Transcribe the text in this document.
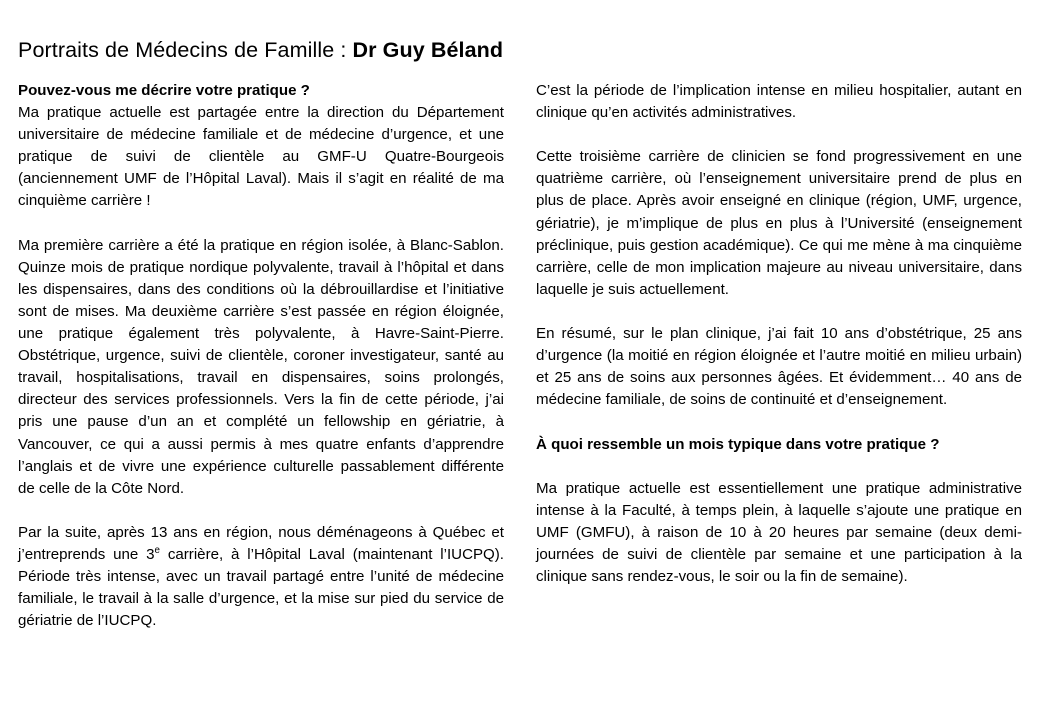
Portraits de Médecins de Famille : Dr Guy Béland

Pouvez-vous me décrire votre pratique ?

Ma pratique actuelle est partagée entre la direction du Département universitaire de médecine familiale et de médecine d’urgence, et une pratique de suivi de clientèle au GMF-U Quatre-Bourgeois (anciennement UMF de l’Hôpital Laval). Mais il s’agit en réalité de ma cinquième carrière !

Ma première carrière a été la pratique en région isolée, à Blanc-Sablon. Quinze mois de pratique nordique polyvalente, travail à l’hôpital et dans les dispensaires, dans des conditions où la débrouillardise et l’initiative sont de mises. Ma deuxième carrière s’est passée en région éloignée, une pratique également très polyvalente, à Havre-Saint-Pierre. Obstétrique, urgence, suivi de clientèle, coroner investigateur, santé au travail, hospitalisations, travail en dispensaires, soins prolongés, directeur des services professionnels. Vers la fin de cette période, j’ai pris une pause d’un an et complété un fellowship en gériatrie, à Vancouver, ce qui a aussi permis à mes quatre enfants d’apprendre l’anglais et de vivre une expérience culturelle passablement différente de celle de la Côte Nord.

Par la suite, après 13 ans en région, nous déménageons à Québec et j’entreprends une 3e carrière, à l’Hôpital Laval (maintenant l’IUCPQ). Période très intense, avec un travail partagé entre l’unité de médecine familiale, le travail à la salle d’urgence, et la mise sur pied du service de gériatrie de l’IUCPQ.

C’est la période de l’implication intense en milieu hospitalier, autant en clinique qu’en activités administratives.

Cette troisième carrière de clinicien se fond progressivement en une quatrième carrière, où l’enseignement universitaire prend de plus en plus de place. Après avoir enseigné en clinique (région, UMF, urgence, gériatrie), je m’implique de plus en plus à l’Université (enseignement préclinique, puis gestion académique). Ce qui me mène à ma cinquième carrière, celle de mon implication majeure au niveau universitaire, dans laquelle je suis actuellement.

En résumé, sur le plan clinique, j’ai fait 10 ans d’obstétrique, 25 ans d’urgence (la moitié en région éloignée et l’autre moitié en milieu urbain) et 25 ans de soins aux personnes âgées. Et évidemment… 40 ans de médecine familiale, de soins de continuité et d’enseignement.

À quoi ressemble un mois typique dans votre pratique ?

Ma pratique actuelle est essentiellement une pratique administrative intense à la Faculté, à temps plein, à laquelle s’ajoute une pratique en UMF (GMFU), à raison de 10 à 20 heures par semaine (deux demi-journées de suivi de clientèle par semaine et une participation à la clinique sans rendez-vous, le soir ou la fin de semaine).
